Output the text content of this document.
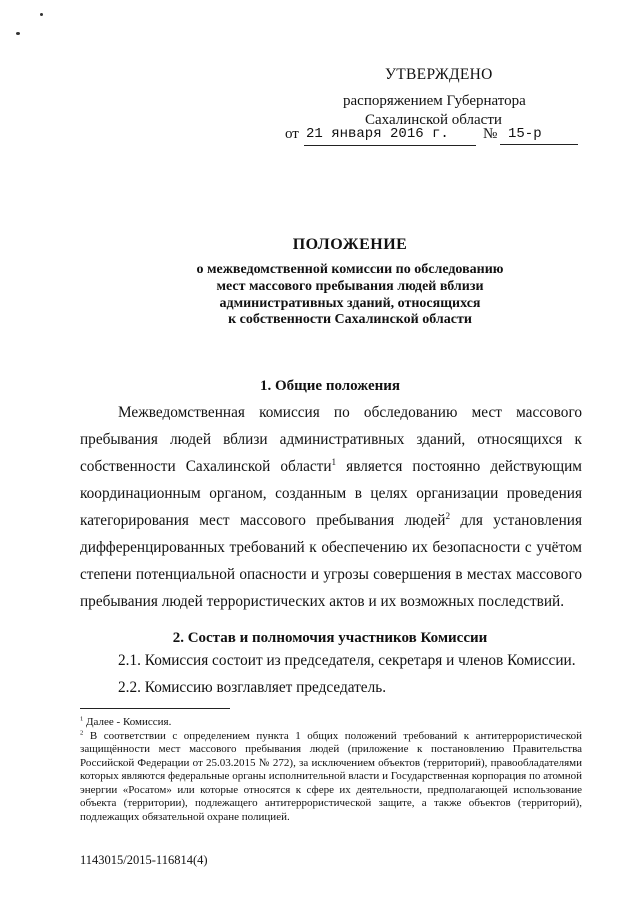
УТВЕРЖДЕНО
распоряжением Губернатора
Сахалинской области
от 21 января 2016 г.	№ 15-р
ПОЛОЖЕНИЕ
о межведомственной комиссии по обследованию
мест массового пребывания людей вблизи
административных зданий, относящихся
к собственности Сахалинской области
1. Общие положения
Межведомственная комиссия по обследованию мест массового пребывания людей вблизи административных зданий, относящихся к собственности Сахалинской области$^1$ является постоянно действующим координационным органом, созданным в целях организации проведения категорирования мест массового пребывания людей$^2$ для установления дифференцированных требований к обеспечению их безопасности с учётом степени потенциальной опасности и угрозы совершения в местах массового пребывания людей террористических актов и их возможных последствий.
2. Состав и полномочия участников Комиссии
2.1. Комиссия состоит из председателя, секретаря и членов Комиссии.
2.2. Комиссию возглавляет председатель.

$^1$ Далее - Комиссия.

$^2$ В соответствии с определением пункта 1 общих положений требований к антитеррористической защищённости мест массового пребывания людей (приложение к постановлению Правительства Российской Федерации от 25.03.2015 № 272), за исключением объектов (территорий), правообладателями которых являются федеральные органы исполнительной власти и Государственная корпорация по атомной энергии «Росатом» или которые относятся к сфере их деятельности, предполагающей использование объекта (территории), подлежащего антитеррористической защите, а также объектов (территорий), подлежащих обязательной охране полицией.

1143015/2015-116814(4)
